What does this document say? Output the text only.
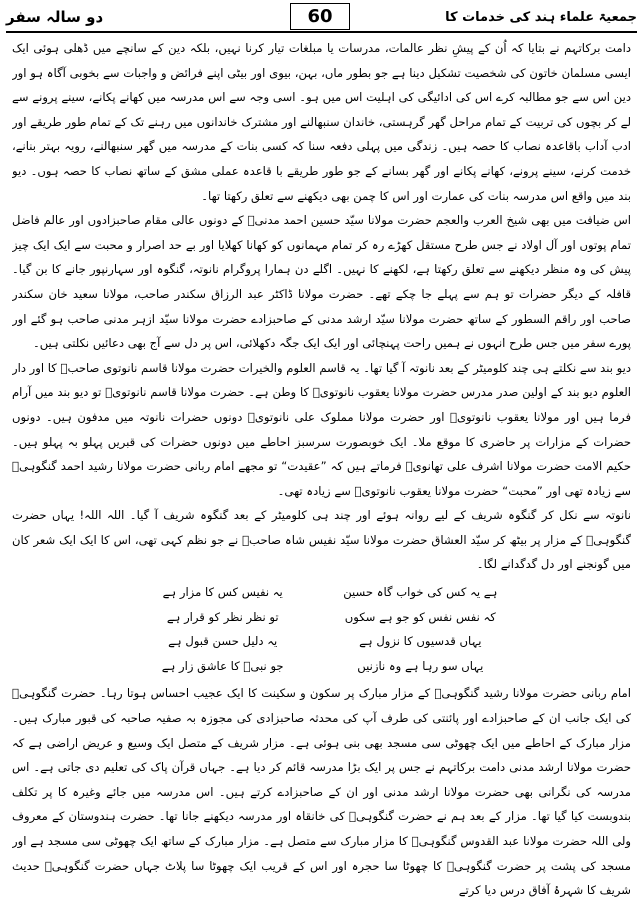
جمعیۃ علماء ہند کی خدمات کا
دو سالہ سفر	60

دامت برکاتہم نے بتایا کہ اُن کے پیشِ نظر عالمات، مدرسات یا مبلغات تیار کرنا نہیں، بلکہ دین کے سانچے میں ڈھلی ہوئی ایک ایسی مسلمان خاتون کی شخصیت تشکیل دینا ہے جو بطور ماں، بہن، بیوی اور بیٹی اپنے فرائض و واجبات سے بخوبی آگاہ ہو اور دین اس سے جو مطالبہ کرے اس کی ادائیگی کی اہلیت اس میں ہو۔ اسی وجہ سے اس مدرسہ میں کھانے پکانے، سینے پرونے سے لے کر بچوں کی تربیت کے تمام مراحل گھر گرہستی، خاندان سنبھالنے اور مشترک خاندانوں میں رہنے تک کے تمام طور طریقے اور ادب آداب باقاعدہ نصاب کا حصہ ہیں۔ زندگی میں پہلی دفعہ سنا کہ کسی بنات کے مدرسہ میں گھر سنبھالنے، رویہ بہتر بنانے، خدمت کرنے، سینے پرونے، کھانے پکانے اور گھر بسانے کے جو طور طریقے با قاعدہ عملی مشق کے ساتھ نصاب کا حصہ ہوں۔ دیو بند میں واقع اس مدرسہ بنات کی عمارت اور اس کا چمن بھی دیکھنے سے تعلق رکھتا تھا۔

اس ضیافت میں بھی شیخ العرب والعجم حضرت مولانا سیّد حسین احمد مدنیؒ کے دونوں عالی مقام صاحبزادوں اور عالم فاضل تمام پوتوں اور آل اولاد نے جس طرح مستقل کھڑے رہ کر تمام مہمانوں کو کھانا کھلایا اور بے حد اصرار و محبت سے ایک ایک چیز پیش کی وہ منظر دیکھنے سے تعلق رکھتا ہے، لکھنے کا نہیں۔ اگلے دن ہمارا پروگرام نانوتہ، گنگوہ اور سہارنپور جانے کا بن گیا۔ قافلہ کے دیگر حضرات تو ہم سے پہلے جا چکے تھے۔ حضرت مولانا ڈاکٹر عبد الرزاق سکندر صاحب، مولانا سعید خان سکندر صاحب اور راقم السطور کے ساتھ حضرت مولانا سیّد ارشد مدنی کے صاحبزادے حضرت مولانا سیّد ازہر مدنی صاحب ہو گئے اور پورے سفر میں جس طرح انہوں نے ہمیں راحت پہنچائی اور ایک ایک جگہ دکھلائی، اس پر دل سے آج بھی دعائیں نکلتی ہیں۔

دیو بند سے نکلتے ہی چند کلومیٹر کے بعد نانوتہ آ گیا تھا۔ یہ قاسم العلوم والخیرات حضرت مولانا قاسم نانوتوی صاحبؒ کا اور دار العلوم دیو بند کے اولین صدر مدرس حضرت مولانا یعقوب نانوتویؒ کا وطن ہے۔ حضرت مولانا قاسم نانوتویؒ تو دیو بند میں آرام فرما ہیں اور مولانا یعقوب نانوتویؒ اور حضرت مولانا مملوک علی نانوتویؒ دونوں حضرات نانوتہ میں مدفون ہیں۔ دونوں حضرات کے مزارات پر حاضری کا موقع ملا۔ ایک خوبصورت سرسبز احاطے میں دونوں حضرات کی قبریں پہلو بہ پہلو ہیں۔ حکیم الامت حضرت مولانا اشرف علی تھانویؒ فرماتے ہیں کہ ”عقیدت“ تو مجھے امام ربانی حضرت مولانا رشید احمد گنگوہیؒ سے زیادہ تھی اور ”محبت“ حضرت مولانا یعقوب نانوتویؒ سے زیادہ تھی۔

نانوتہ سے نکل کر گنگوہ شریف کے لیے روانہ ہوئے اور چند ہی کلومیٹر کے بعد گنگوہ شریف آ گیا۔ اللہ اللہ! یہاں حضرت گنگوہیؒ کے مزار پر بیٹھ کر سیّد العشاق حضرت مولانا سیّد نفیس شاہ صاحبؒ نے جو نظم کہی تھی، اس کا ایک ایک شعر کان میں گونجنے اور دل گدگدانے لگا۔

ہے یہ کس کی خواب گاہ حسین
یہ نفیس کس کا مزار ہے
کہ نفس نفس کو جو ہے سکوں
تو نظر نظر کو قرار ہے
یہاں قدسیوں کا نزول ہے
یہ دلیل حسن قبول ہے
یہاں سو رہا ہے وہ نازنیں
جو نبیؐ کا عاشق زار ہے

امام ربانی حضرت مولانا رشید گنگوہیؒ کے مزار مبارک پر سکون و سکینت کا ایک عجیب احساس ہوتا رہا۔ حضرت گنگوہیؒ کی ایک جانب ان کے صاحبزادے اور پائنتی کی طرف آپ کی محدثہ صاحبزادی کی مجوزہ بہ صفیہ صاحبہ کی قبور مبارک ہیں۔ مزار مبارک کے احاطے میں ایک چھوٹی سی مسجد بھی بنی ہوئی ہے۔ مزار شریف کے متصل ایک وسیع و عریض اراضی ہے کہ حضرت مولانا ارشد مدنی دامت برکاتہم نے جس پر ایک بڑا مدرسہ قائم کر دیا ہے۔ جہاں قرآن پاک کی تعلیم دی جاتی ہے۔ اس مدرسہ کی نگرانی بھی حضرت مولانا ارشد مدنی اور ان کے صاحبزادے کرتے ہیں۔ اس مدرسہ میں جائے وغیرہ کا پر تکلف بندوبست کیا گیا تھا۔ مزار کے بعد ہم نے حضرت گنگوہیؒ کی خانقاہ اور مدرسہ دیکھنے جانا تھا۔ حضرت ہندوستان کے معروف ولی اللہ حضرت مولانا عبد القدوس گنگوہیؒ کا مزار مبارک سے متصل ہے۔ مزار مبارک کے ساتھ ایک چھوٹی سی مسجد ہے اور مسجد کی پشت پر حضرت گنگوہیؒ کا چھوٹا سا حجرہ اور اس کے قریب ایک چھوٹا سا پلاٹ جہاں حضرت گنگوہیؒ حدیث شریف کا شہرۂ آفاق درس دیا کرتے
